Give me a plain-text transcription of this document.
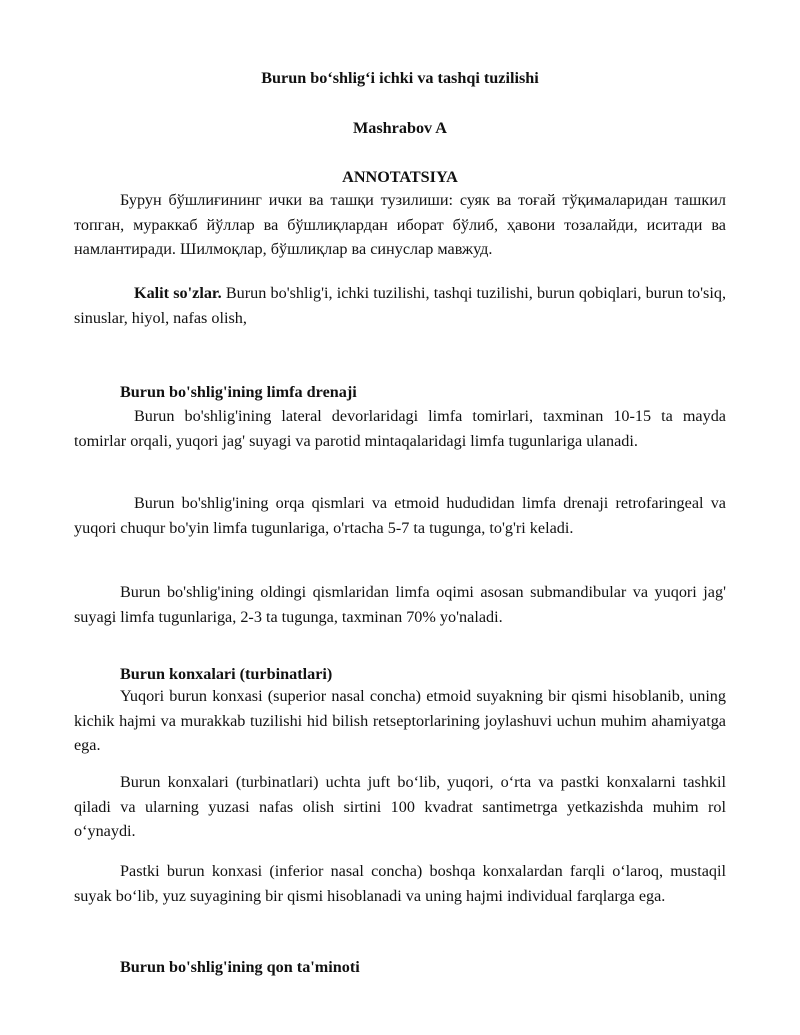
Burun bo‘shlig‘i ichki va tashqi tuzilishi
Mashrabov A
ANNOTATSIYA

Бурун бўшлиғининг ички ва ташқи тузилиши: суяк ва тоғай тўқималаридан ташкил топган, мураккаб йўллар ва бўшлиқлардан иборат бўлиб, ҳавони тозалайди, иситади ва намлантиради. Шилмоқлар, бўшлиқлар ва синуслар мавжуд.

Kalit so'zlar. Burun bo'shlig'i, ichki tuzilishi, tashqi tuzilishi, burun qobiqlari, burun to'siq, sinuslar, hiyol, nafas olish,

Burun bo'shlig'ining limfa drenaji

Burun bo'shlig'ining lateral devorlaridagi limfa tomirlari, taxminan 10-15 ta mayda tomirlar orqali, yuqori jag' suyagi va parotid mintaqalaridagi limfa tugunlariga ulanadi.

Burun bo'shlig'ining orqa qismlari va etmoid hududidan limfa drenaji retrofaringeal va yuqori chuqur bo'yin limfa tugunlariga, o'rtacha 5-7 ta tugunga, to'g'ri keladi.

Burun bo'shlig'ining oldingi qismlaridan limfa oqimi asosan submandibular va yuqori jag' suyagi limfa tugunlariga, 2-3 ta tugunga, taxminan 70% yo'naladi.

Burun konxalari (turbinatlari)

Yuqori burun konxasi (superior nasal concha) etmoid suyakning bir qismi hisoblanib, uning kichik hajmi va murakkab tuzilishi hid bilish retseptorlarining joylashuvi uchun muhim ahamiyatga ega.

Burun konxalari (turbinatlari) uchta juft bo‘lib, yuqori, o‘rta va pastki konxalarni tashkil qiladi va ularning yuzasi nafas olish sirtini 100 kvadrat santimetrga yetkazishda muhim rol o‘ynaydi.

Pastki burun konxasi (inferior nasal concha) boshqa konxalardan farqli o‘laroq, mustaqil suyak bo‘lib, yuz suyagining bir qismi hisoblanadi va uning hajmi individual farqlarga ega.

Burun bo'shlig'ining qon ta'minoti
